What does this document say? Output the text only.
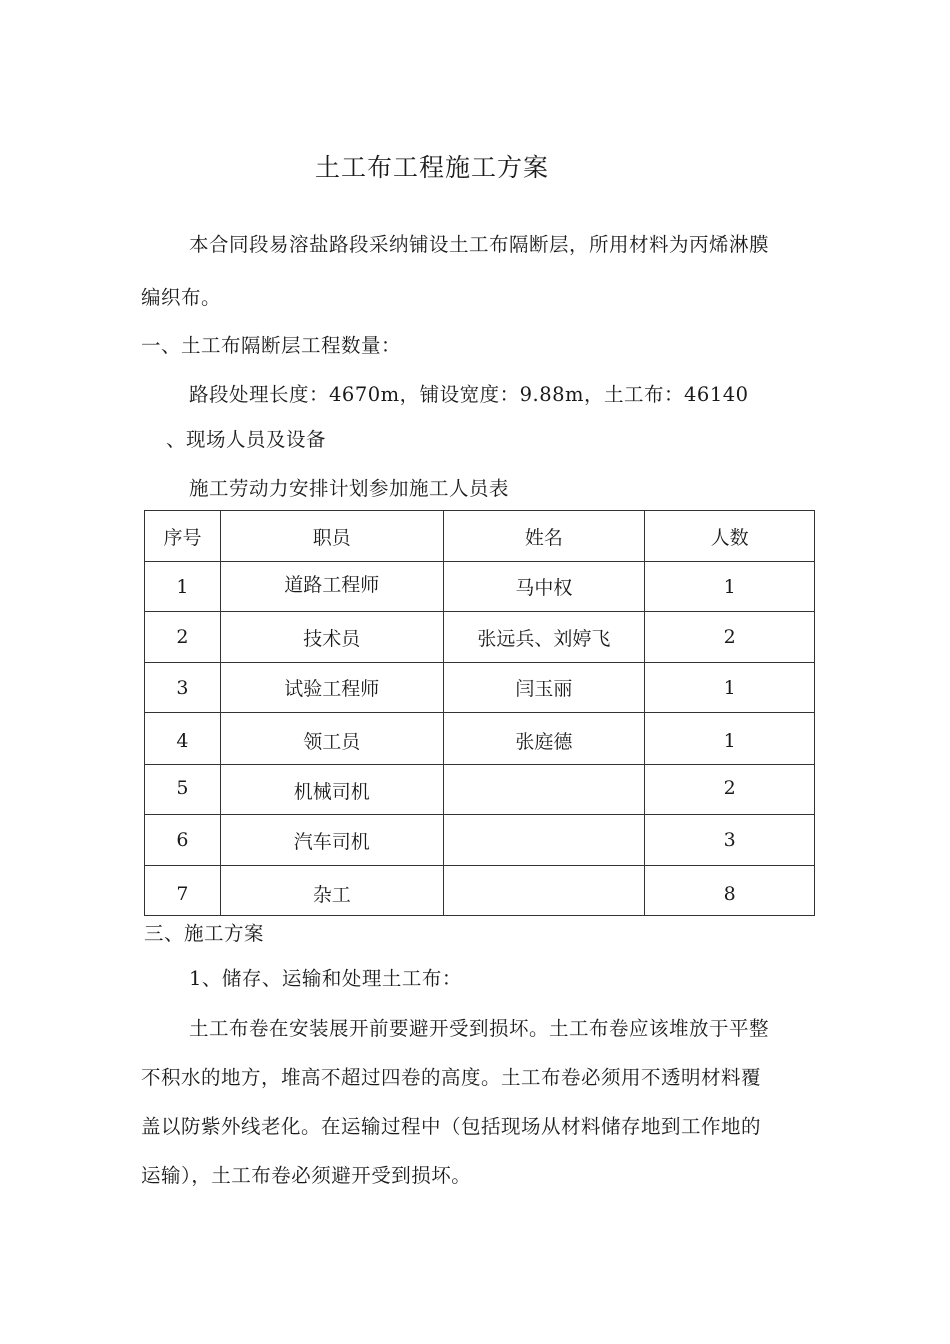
土工布工程施工方案
本合同段易溶盐路段采纳铺设土工布隔断层，所用材料为丙烯淋膜
编织布。
一、土工布隔断层工程数量：
路段处理长度：4670m，铺设宽度：9.88m，土工布：46140
、现场人员及设备
施工劳动力安排计划参加施工人员表
序号	职员	姓名	人数
1	道路工程师	马中权	1
2	技术员	张远兵、刘婷飞	2
3	试验工程师	闫玉丽	1
4	领工员	张庭德	1
5	机械司机		2
6	汽车司机		3
7	杂工		8
三、施工方案
1、储存、运输和处理土工布：
土工布卷在安装展开前要避开受到损坏。土工布卷应该堆放于平整
不积水的地方，堆高不超过四卷的高度。土工布卷必须用不透明材料覆
盖以防紫外线老化。在运输过程中（包括现场从材料储存地到工作地的
运输），土工布卷必须避开受到损坏。
